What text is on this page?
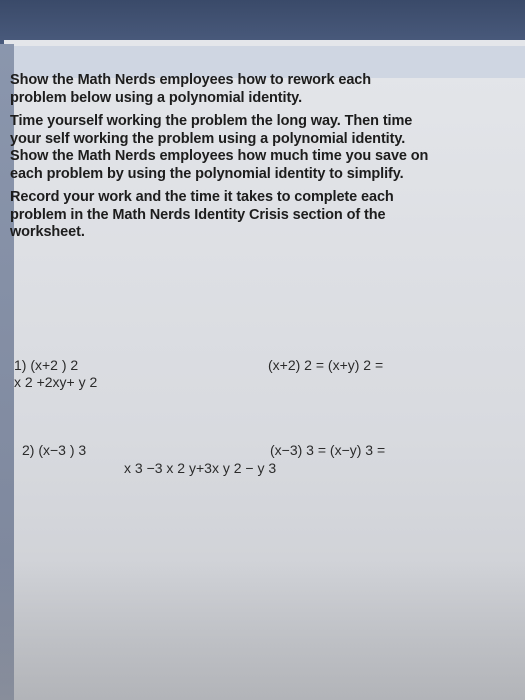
Show the Math Nerds employees how to rework each problem below using a polynomial identity.

Time yourself working the problem the long way. Then time your self working the problem using a polynomial identity. Show the Math Nerds employees how much time you save on each problem by using the polynomial identity to simplify.

Record your work and the time it takes to complete each problem in the Math Nerds Identity Crisis section of the worksheet.

1) (x+2 ) 2
x 2 +2xy+ y 2
(x+2) 2 = (x+y) 2 =
2) (x−3 ) 3	(x−3) 3 = (x−y) 3 =
x 3 −3 x 2 y+3x y 2 − y 3
